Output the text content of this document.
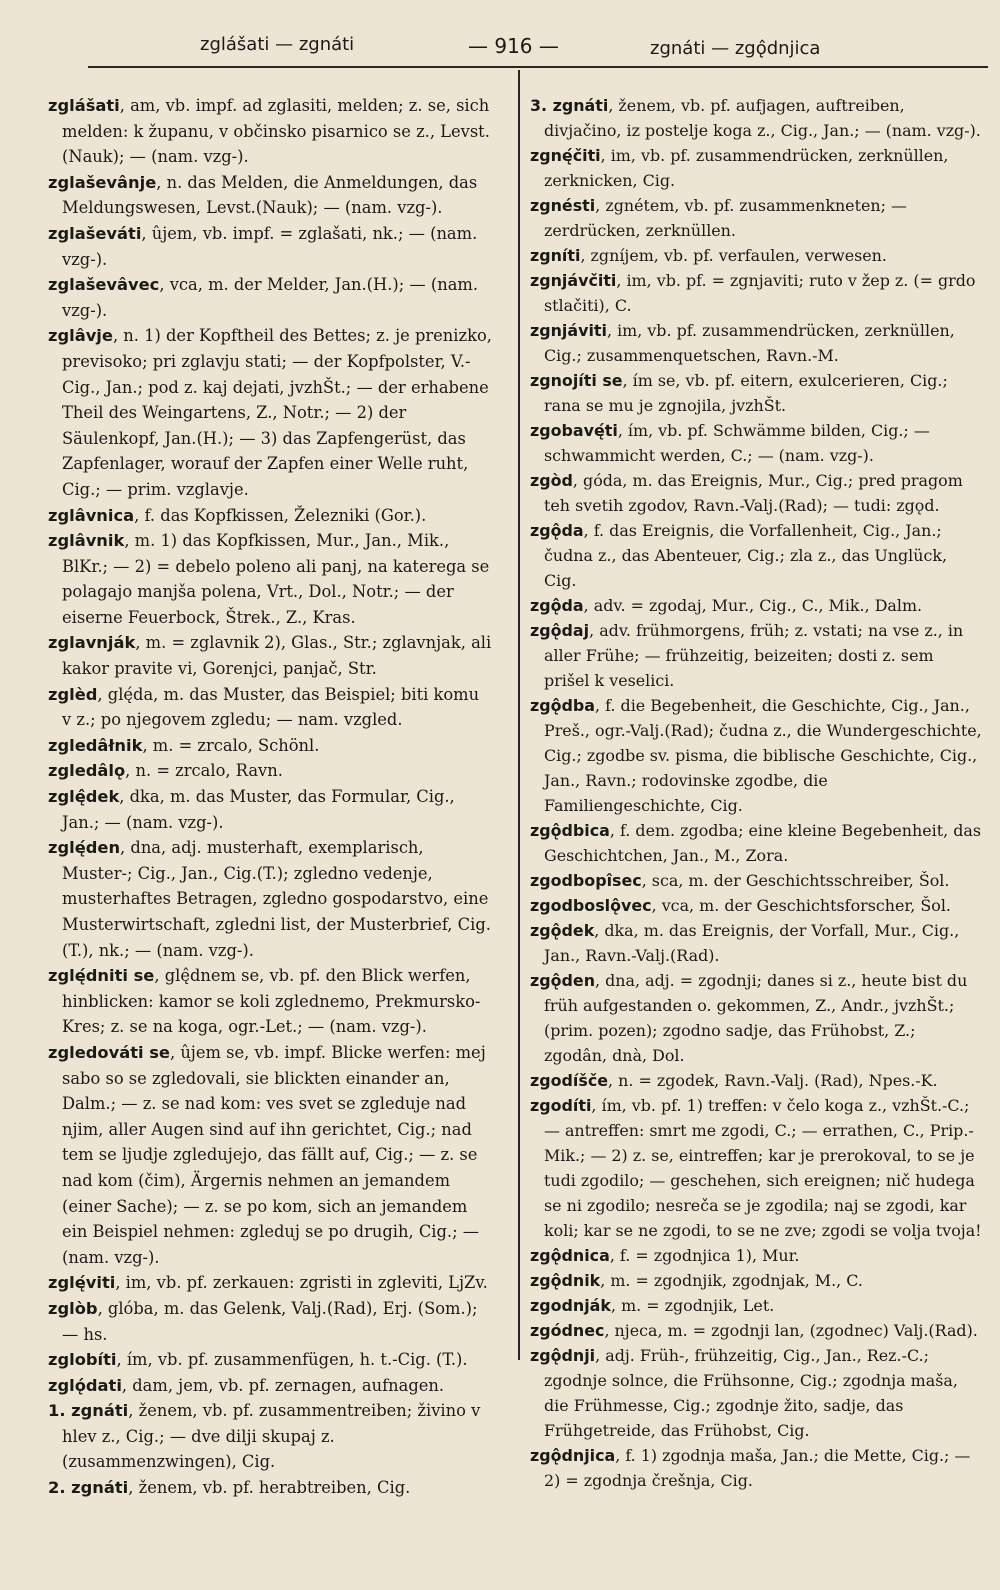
zglášati — zgnáti	— 916 —	zgnáti — zgǫ̂dnjica

zglášati, am, vb. impf. ad zglasiti, melden; z. se, sich melden: k županu, v občinsko pisarnico se z., Levst. (Nauk); — (nam. vzg-).

zglaševânje, n. das Melden, die Anmeldungen, das Meldungswesen, Levst.(Nauk); — (nam. vzg-).

zglaševáti, ûjem, vb. impf. = zglašati, nk.; — (nam. vzg-).

zglaševâvec, vca, m. der Melder, Jan.(H.); — (nam. vzg-).

zglâvje, n. 1) der Kopftheil des Bettes; z. je prenizko, previsoko; pri zglavju stati; — der Kopfpolster, V.-Cig., Jan.; pod z. kaj dejati, jvzhŠt.; — der erhabene Theil des Weingartens, Z., Notr.; — 2) der Säulenkopf, Jan.(H.); — 3) das Zapfengerüst, das Zapfenlager, worauf der Zapfen einer Welle ruht, Cig.; — prim. vzglavje.

zglâvnica, f. das Kopfkissen, Železniki (Gor.).

zglâvnik, m. 1) das Kopfkissen, Mur., Jan., Mik., BlKr.; — 2) = debelo poleno ali panj, na katerega se polagajo manjša polena, Vrt., Dol., Notr.; — der eiserne Feuerbock, Štrek., Z., Kras.

zglavnják, m. = zglavnik 2), Glas., Str.; zglavnjak, ali kakor pravite vi, Gorenjci, panjač, Str.

zglèd, glę́da, m. das Muster, das Beispiel; biti komu v z.; po njegovem zgledu; — nam. vzgled.

zgledâłnik, m. = zrcalo, Schönl.

zgledâlǫ, n. = zrcalo, Ravn.

zglę̂dek, dka, m. das Muster, das Formular, Cig., Jan.; — (nam. vzg-).

zglę́den, dna, adj. musterhaft, exemplarisch, Muster-; Cig., Jan., Cig.(T.); zgledno vedenje, musterhaftes Betragen, zgledno gospodarstvo, eine Musterwirtschaft, zgledni list, der Musterbrief, Cig.(T.), nk.; — (nam. vzg-).

zglę́dniti se, glę̂dnem se, vb. pf. den Blick werfen, hinblicken: kamor se koli zglednemo, Prekmursko-Kres; z. se na koga, ogr.-Let.; — (nam. vzg-).

zgledováti se, ûjem se, vb. impf. Blicke werfen: mej sabo so se zgledovali, sie blickten einander an, Dalm.; — z. se nad kom: ves svet se zgleduje nad njim, aller Augen sind auf ihn gerichtet, Cig.; nad tem se ljudje zgledujejo, das fällt auf, Cig.; — z. se nad kom (čim), Ärgernis nehmen an jemandem (einer Sache); — z. se po kom, sich an jemandem ein Beispiel nehmen: zgleduj se po drugih, Cig.; — (nam. vzg-).

zglę́viti, im, vb. pf. zerkauen: zgristi in zgleviti, LjZv.

zglòb, glóba, m. das Gelenk, Valj.(Rad), Erj. (Som.); — hs.

zglobíti, ím, vb. pf. zusammenfügen, h. t.-Cig. (T.).

zglǫ́dati, dam, jem, vb. pf. zernagen, aufnagen.

1. zgnáti, ženem, vb. pf. zusammentreiben; živino v hlev z., Cig.; — dve dilji skupaj z. (zusammenzwingen), Cig.

2. zgnáti, ženem, vb. pf. herabtreiben, Cig.

3. zgnáti, ženem, vb. pf. aufjagen, auftreiben, divjačino, iz postelje koga z., Cig., Jan.; — (nam. vzg-).

zgnę́čiti, im, vb. pf. zusammendrücken, zerknüllen, zerknicken, Cig.

zgnésti, zgnétem, vb. pf. zusammenkneten; — zerdrücken, zerknüllen.

zgníti, zgníjem, vb. pf. verfaulen, verwesen.

zgnjávčiti, im, vb. pf. = zgnjaviti; ruto v žep z. (= grdo stlačiti), C.

zgnjáviti, im, vb. pf. zusammendrücken, zerknüllen, Cig.; zusammenquetschen, Ravn.-M.

zgnojíti se, ím se, vb. pf. eitern, exulcerieren, Cig.; rana se mu je zgnojila, jvzhŠt.

zgobavę́ti, ím, vb. pf. Schwämme bilden, Cig.; — schwammicht werden, C.; — (nam. vzg-).

zgòd, góda, m. das Ereignis, Mur., Cig.; pred pragom teh svetih zgodov, Ravn.-Valj.(Rad); — tudi: zgǫd.

zgǫ̂da, f. das Ereignis, die Vorfallenheit, Cig., Jan.; čudna z., das Abenteuer, Cig.; zla z., das Unglück, Cig.

zgǫ̂da, adv. = zgodaj, Mur., Cig., C., Mik., Dalm.

zgǫ̂daj, adv. frühmorgens, früh; z. vstati; na vse z., in aller Frühe; — frühzeitig, beizeiten; dosti z. sem prišel k veselici.

zgǫ̂dba, f. die Begebenheit, die Geschichte, Cig., Jan., Preš., ogr.-Valj.(Rad); čudna z., die Wundergeschichte, Cig.; zgodbe sv. pisma, die biblische Geschichte, Cig., Jan., Ravn.; rodovinske zgodbe, die Familiengeschichte, Cig.

zgǫ̂dbica, f. dem. zgodba; eine kleine Begebenheit, das Geschichtchen, Jan., M., Zora.

zgodbopîsec, sca, m. der Geschichtsschreiber, Šol.

zgodboslǫ̂vec, vca, m. der Geschichtsforscher, Šol.

zgǫ̂dek, dka, m. das Ereignis, der Vorfall, Mur., Cig., Jan., Ravn.-Valj.(Rad).

zgǫ̂den, dna, adj. = zgodnji; danes si z., heute bist du früh aufgestanden o. gekommen, Z., Andr., jvzhŠt.; (prim. pozen); zgodno sadje, das Frühobst, Z.; zgodân, dnà, Dol.

zgodíšče, n. = zgodek, Ravn.-Valj. (Rad), Npes.-K.

zgodíti, ím, vb. pf. 1) treffen: v čelo koga z., vzhŠt.-C.; — antreffen: smrt me zgodi, C.; — errathen, C., Prip.-Mik.; — 2) z. se, eintreffen; kar je prerokoval, to se je tudi zgodilo; — geschehen, sich ereignen; nič hudega se ni zgodilo; nesreča se je zgodila; naj se zgodi, kar koli; kar se ne zgodi, to se ne zve; zgodi se volja tvoja!

zgǫ̂dnica, f. = zgodnjica 1), Mur.

zgǫ̂dnik, m. = zgodnjik, zgodnjak, M., C.

zgodnják, m. = zgodnjik, Let.

zgódnec, njeca, m. = zgodnji lan, (zgodnec) Valj.(Rad).

zgǫ̂dnji, adj. Früh-, frühzeitig, Cig., Jan., Rez.-C.; zgodnje solnce, die Frühsonne, Cig.; zgodnja maša, die Frühmesse, Cig.; zgodnje žito, sadje, das Frühgetreide, das Frühobst, Cig.

zgǫ̂dnjica, f. 1) zgodnja maša, Jan.; die Mette, Cig.; — 2) = zgodnja črešnja, Cig.
